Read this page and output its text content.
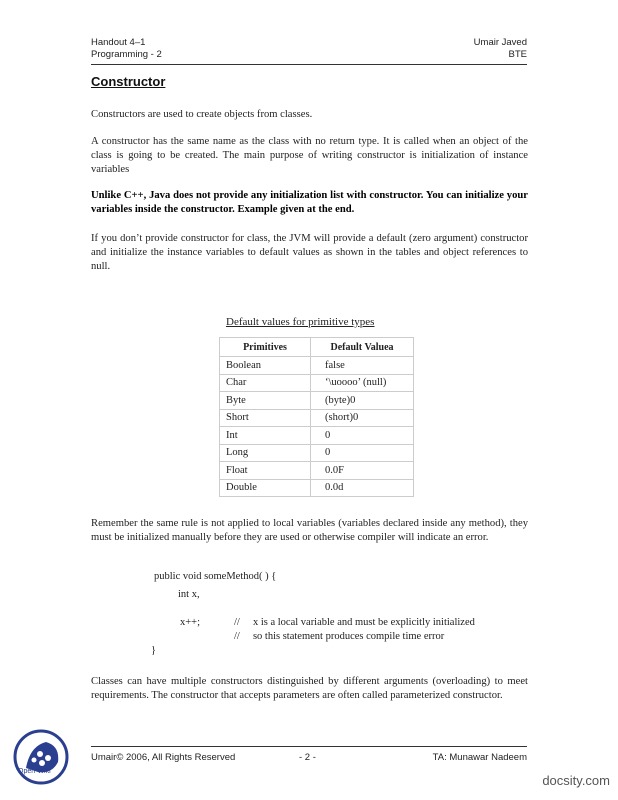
Handout 4–1
Programming - 2
Umair Javed
BTE
Constructor

Constructors are used to create objects from classes.

A constructor has the same name as the class with no return type. It is called when an object of the class is going to be created. The main purpose of writing constructor is initialization of instance variables

Unlike C++, Java does not provide any initialization list with constructor. You can initialize your variables inside the constructor. Example given at the end.

If you don’t provide constructor for class, the JVM will provide a default (zero argument) constructor and initialize the instance variables to default values as shown in the tables and object references to null.

Default values for primitive types
Primitives	Default Valuea
Boolean	false
Char	‘\uoooo’ (null)
Byte	(byte)0
Short	(short)0
Int	0
Long	0
Float	0.0F
Double	0.0d

Remember the same rule is not applied to local variables (variables declared inside any method), they must be initialized manually before they are used or otherwise compiler will indicate an error.

public void someMethod( ) {
int x,
x++;	//     x is a local variable and must be explicitly initialized
//     so this statement produces compile time error
}

Classes can have multiple constructors distinguished by different arguments (overloading) to meet requirements. The constructor that accepts parameters are often called parameterized constructor.

Umair© 2006, All Rights Reserved	- 2 -	TA: Munawar Nadeem
Open-Wiki
docsity.com
